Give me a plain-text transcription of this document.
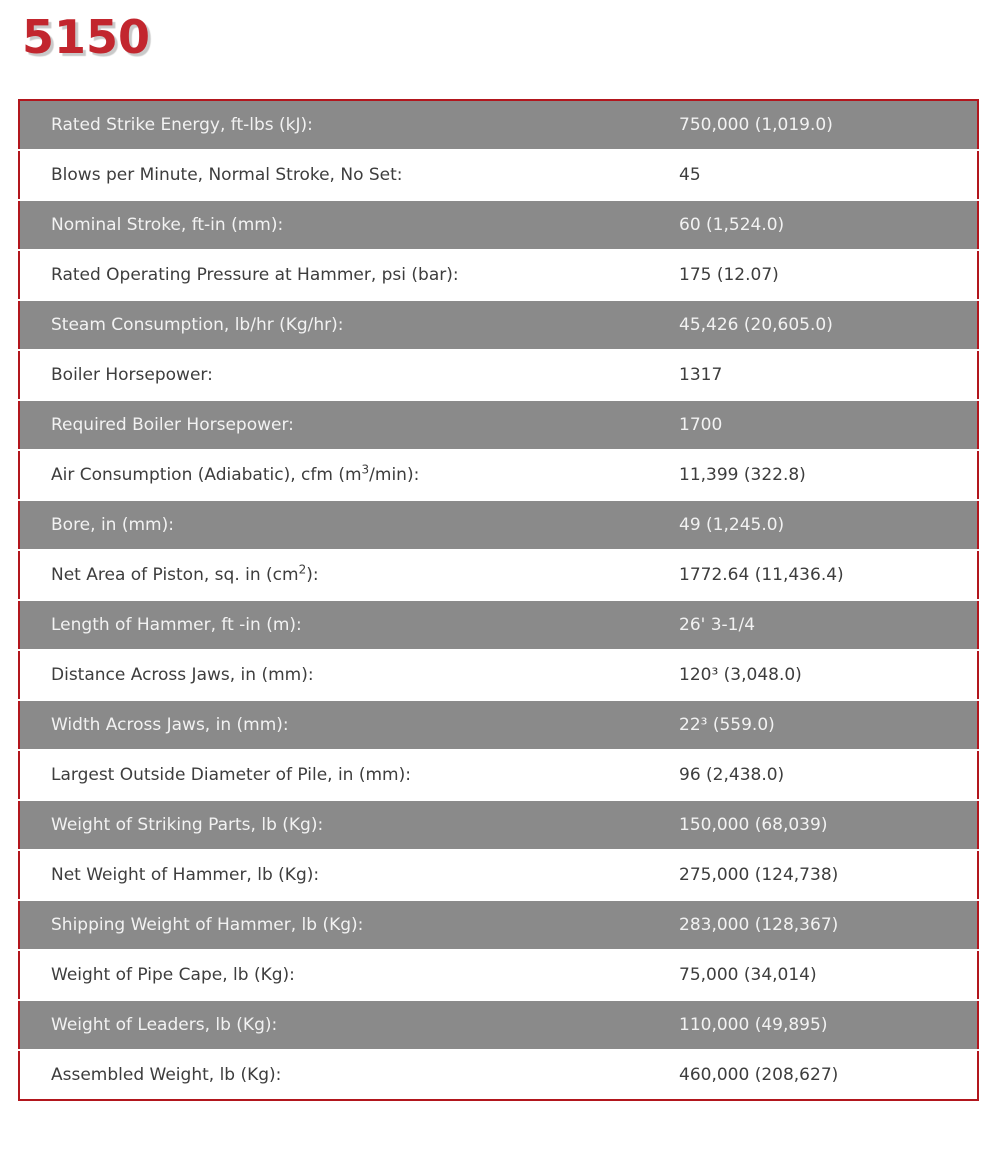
5150
Rated Strike Energy, ft-lbs (kJ):	750,000 (1,019.0)
Blows per Minute, Normal Stroke, No Set:	45
Nominal Stroke, ft-in (mm):	60 (1,524.0)
Rated Operating Pressure at Hammer, psi (bar):	175 (12.07)
Steam Consumption, lb/hr (Kg/hr):	45,426 (20,605.0)
Boiler Horsepower:	1317
Required Boiler Horsepower:	1700
Air Consumption (Adiabatic), cfm $(m^3/\min)$:	11,399 (322.8)
Bore, in (mm):	49 (1,245.0)
Net Area of Piston, sq. in $(cm^2)$:	1772.64 (11,436.4)
Length of Hammer, ft -in (m):	26' 3-1/4
Distance Across Jaws, in (mm):	120³ (3,048.0)
Width Across Jaws, in (mm):	22³ (559.0)
Largest Outside Diameter of Pile, in (mm):	96 (2,438.0)
Weight of Striking Parts, lb (Kg):	150,000 (68,039)
Net Weight of Hammer, lb (Kg):	275,000 (124,738)
Shipping Weight of Hammer, lb (Kg):	283,000 (128,367)
Weight of Pipe Cape, lb (Kg):	75,000 (34,014)
Weight of Leaders, lb (Kg):	110,000 (49,895)
Assembled Weight, lb (Kg):	460,000 (208,627)
